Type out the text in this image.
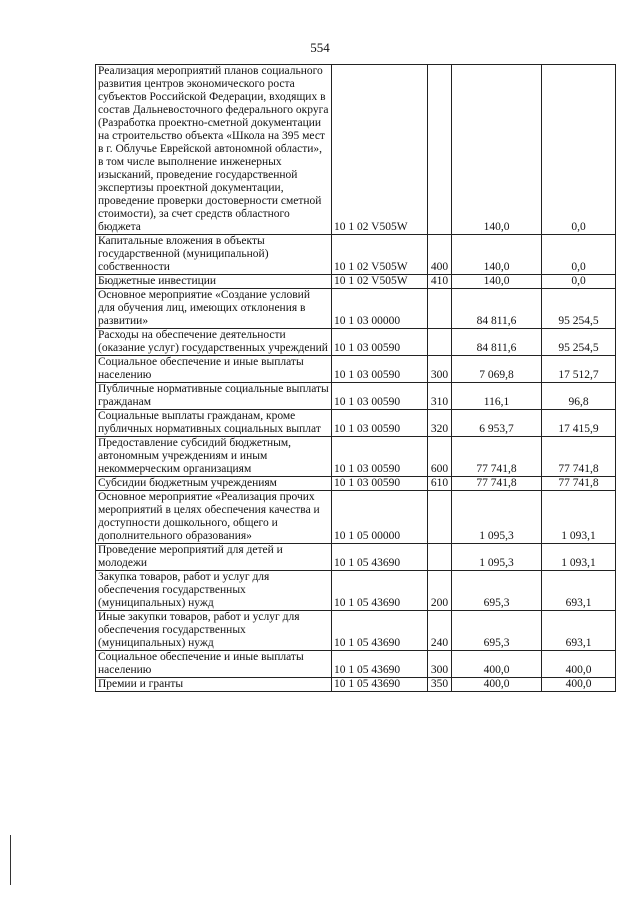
554
Реализация мероприятий планов социального развития центров экономического роста субъектов Российской Федерации, входящих в состав Дальневосточного федерального округа (Разработка проектно-сметной документации на строительство объекта «Школа на 395 мест в г. Облучье Еврейской автономной области», в том числе выполнение инженерных изысканий, проведение государственной экспертизы проектной документации, проведение проверки достоверности сметной стоимости), за счет средств областного бюджета	10 1 02 V505W		140,0	0,0
Капитальные вложения в объекты государственной (муниципальной) собственности	10 1 02 V505W	400	140,0	0,0
Бюджетные инвестиции	10 1 02 V505W	410	140,0	0,0
Основное мероприятие «Создание условий для обучения лиц, имеющих отклонения в развитии»	10 1 03 00000		84 811,6	95 254,5
Расходы на обеспечение деятельности (оказание услуг) государственных учреждений	10 1 03 00590		84 811,6	95 254,5
Социальное обеспечение и иные выплаты населению	10 1 03 00590	300	7 069,8	17 512,7
Публичные нормативные социальные выплаты гражданам	10 1 03 00590	310	116,1	96,8
Социальные выплаты гражданам, кроме публичных нормативных социальных выплат	10 1 03 00590	320	6 953,7	17 415,9
Предоставление субсидий бюджетным, автономным учреждениям и иным некоммерческим организациям	10 1 03 00590	600	77 741,8	77 741,8
Субсидии бюджетным учреждениям	10 1 03 00590	610	77 741,8	77 741,8
Основное мероприятие «Реализация прочих мероприятий в целях обеспечения качества и доступности дошкольного, общего и дополнительного образования»	10 1 05 00000		1 095,3	1 093,1
Проведение мероприятий для детей и молодежи	10 1 05 43690		1 095,3	1 093,1
Закупка товаров, работ и услуг для обеспечения государственных (муниципальных) нужд	10 1 05 43690	200	695,3	693,1
Иные закупки товаров, работ и услуг для обеспечения государственных (муниципальных) нужд	10 1 05 43690	240	695,3	693,1
Социальное обеспечение и иные выплаты населению	10 1 05 43690	300	400,0	400,0
Премии и гранты	10 1 05 43690	350	400,0	400,0
